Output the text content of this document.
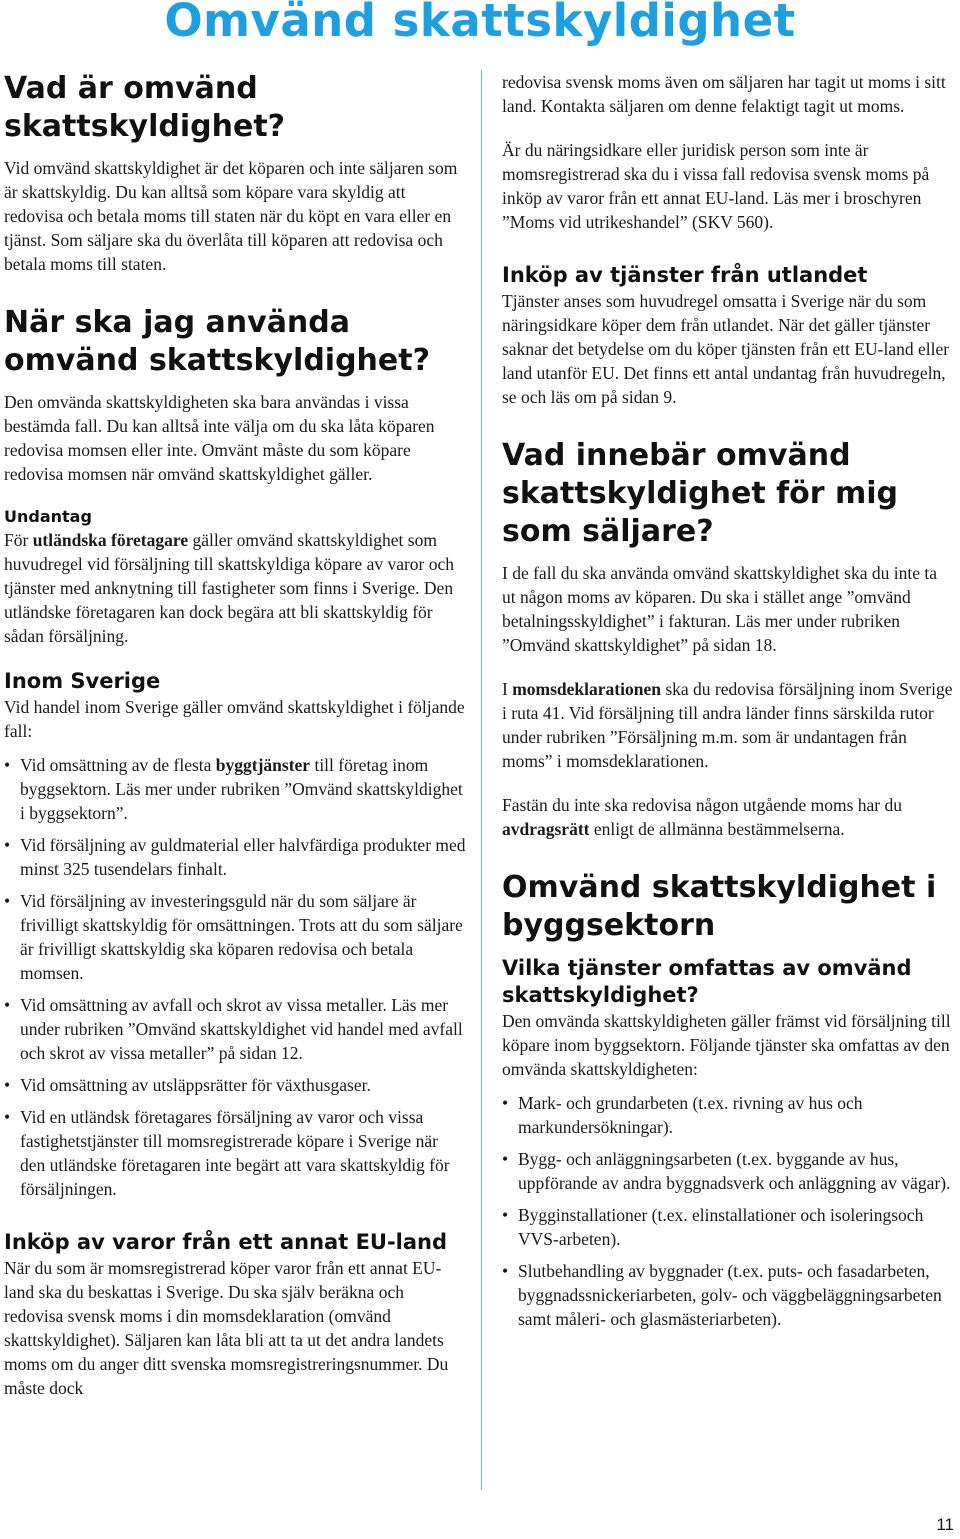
Omvänd skattskyldighet
Vad är omvänd skattskyldighet?

Vid omvänd skattskyldighet är det köparen och inte säljaren som är skattskyldig. Du kan alltså som köpare vara skyldig att redovisa och betala moms till staten när du köpt en vara eller en tjänst. Som säljare ska du överlåta till köparen att redovisa och betala moms till staten.

När ska jag använda omvänd skattskyldighet?

Den omvända skattskyldigheten ska bara användas i vissa bestämda fall. Du kan alltså inte välja om du ska låta köparen redovisa momsen eller inte. Omvänt måste du som köpare redovisa momsen när omvänd skattskyldighet gäller.

Undantag

För utländska företagare gäller omvänd skattskyldighet som huvudregel vid försäljning till skattskyldiga köpare av varor och tjänster med anknytning till fastigheter som finns i Sverige. Den utländske företagaren kan dock begära att bli skattskyldig för sådan försäljning.

Inom Sverige

Vid handel inom Sverige gäller omvänd skattskyldighet i följande fall:

• Vid omsättning av de flesta byggtjänster till företag inom byggsektorn. Läs mer under rubriken ”Omvänd skattskyldighet i byggsektorn”.
• Vid försäljning av guldmaterial eller halvfärdiga produkter med minst 325 tusendelars finhalt.
• Vid försäljning av investeringsguld när du som säljare är frivilligt skattskyldig för omsättningen. Trots att du som säljare är frivilligt skattskyldig ska köparen redovisa och betala momsen.
• Vid omsättning av avfall och skrot av vissa metaller. Läs mer under rubriken ”Omvänd skattskyldighet vid handel med avfall och skrot av vissa metaller” på sidan 12.
• Vid omsättning av utsläppsrätter för växthusgaser.
• Vid en utländsk företagares försäljning av varor och vissa fastighetstjänster till momsregistrerade köpare i Sverige när den utländske företagaren inte begärt att vara skattskyldig för försäljningen.
Inköp av varor från ett annat EU-land

När du som är momsregistrerad köper varor från ett annat EU-land ska du beskattas i Sverige. Du ska själv beräkna och redovisa svensk moms i din momsdeklaration (omvänd skattskyldighet). Säljaren kan låta bli att ta ut det andra landets moms om du anger ditt svenska momsregistreringsnummer. Du måste dock

redovisa svensk moms även om säljaren har tagit ut moms i sitt land. Kontakta säljaren om denne felaktigt tagit ut moms.

Är du näringsidkare eller juridisk person som inte är momsregistrerad ska du i vissa fall redovisa svensk moms på inköp av varor från ett annat EU-land. Läs mer i broschyren ”Moms vid utrikeshandel” (SKV 560).

Inköp av tjänster från utlandet

Tjänster anses som huvudregel omsatta i Sverige när du som näringsidkare köper dem från utlandet. När det gäller tjänster saknar det betydelse om du köper tjänsten från ett EU-land eller land utanför EU. Det finns ett antal undantag från huvudregeln, se och läs om på sidan 9.

Vad innebär omvänd skattskyldighet för mig som säljare?

I de fall du ska använda omvänd skattskyldighet ska du inte ta ut någon moms av köparen. Du ska i stället ange ”omvänd betalningsskyldighet” i fakturan. Läs mer under rubriken ”Omvänd skattskyldighet” på sidan 18.

I momsdeklarationen ska du redovisa försäljning inom Sverige i ruta 41. Vid försäljning till andra länder finns särskilda rutor under rubriken ”Försäljning m.m. som är undantagen från moms” i momsdeklarationen.

Fastän du inte ska redovisa någon utgående moms har du avdragsrätt enligt de allmänna bestämmelserna.

Omvänd skattskyldighet i byggsektorn
Vilka tjänster omfattas av omvänd skattskyldighet?

Den omvända skattskyldigheten gäller främst vid försäljning till köpare inom byggsektorn. Följande tjänster ska omfattas av den omvända skattskyldigheten:

• Mark- och grundarbeten (t.ex. rivning av hus och markundersökningar).
• Bygg- och anläggningsarbeten (t.ex. byggande av hus, uppförande av andra byggnadsverk och anläggning av vägar).
• Bygginstallationer (t.ex. elinstallationer och isoleringsoch VVS-arbeten).
• Slutbehandling av byggnader (t.ex. puts- och fasadarbeten, byggnadssnickeriarbeten, golv- och väggbeläggningsarbeten samt måleri- och glasmästeriarbeten).
11
